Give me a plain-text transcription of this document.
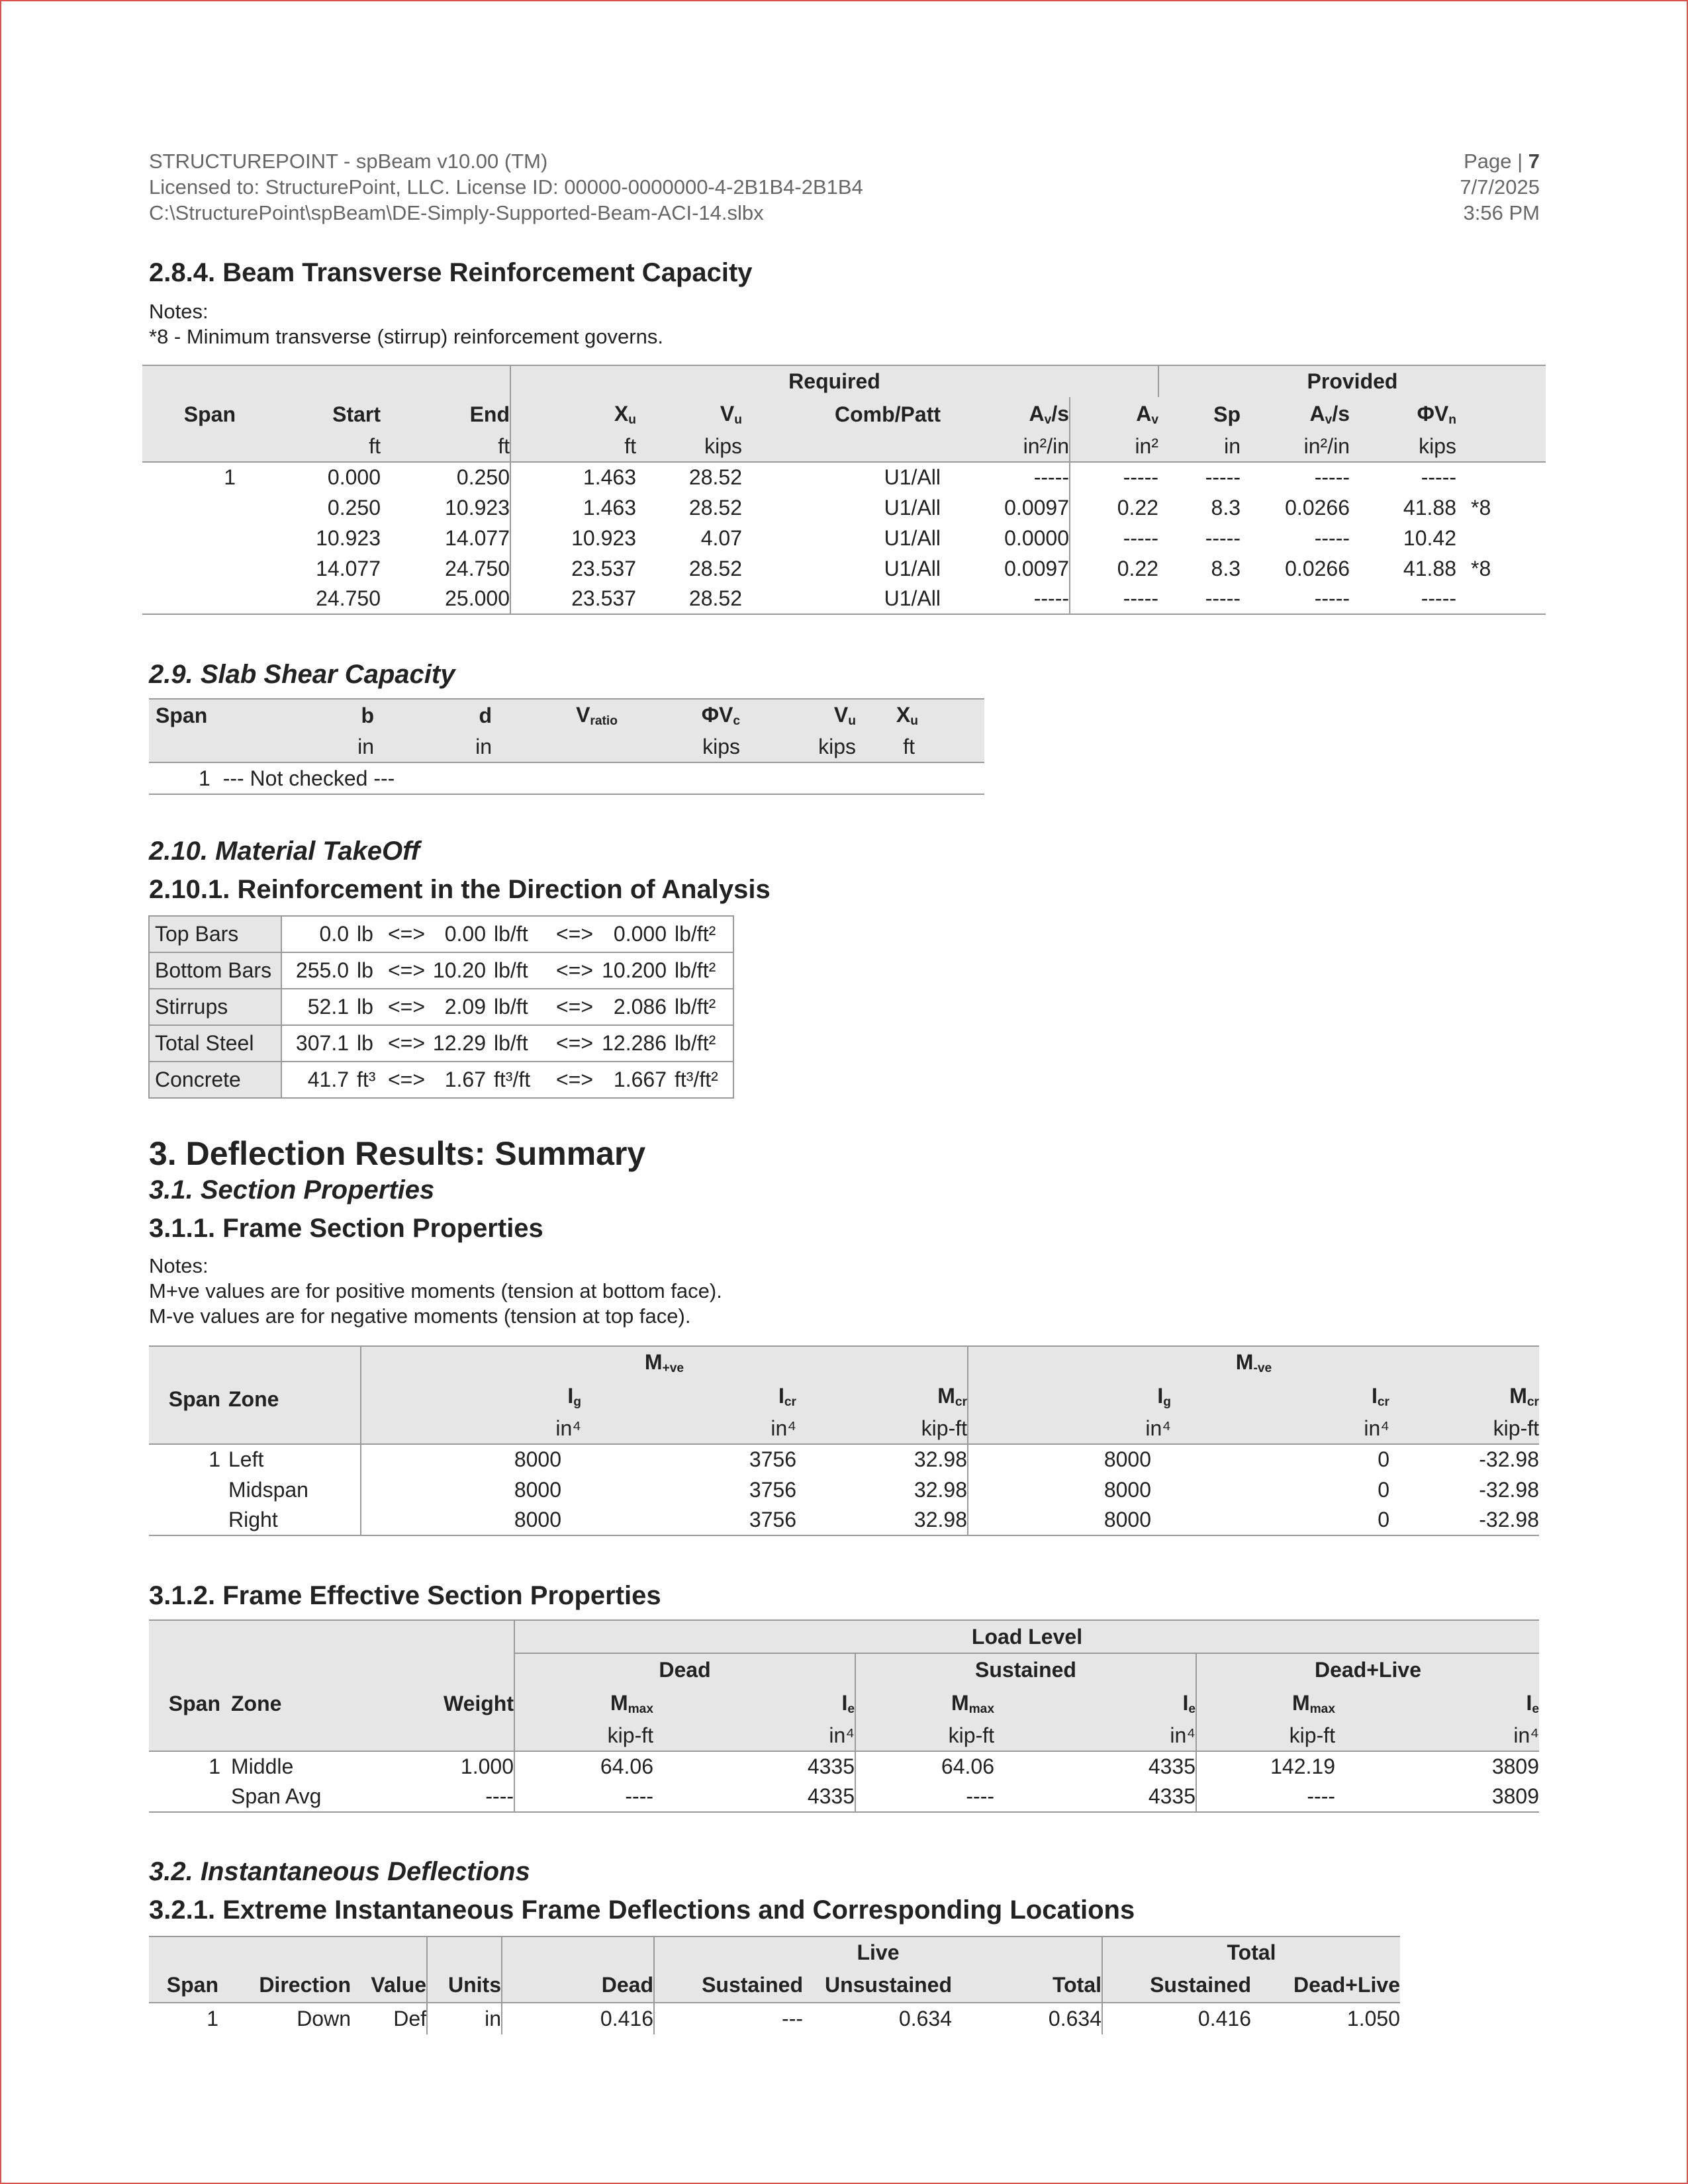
STRUCTUREPOINT - spBeam v10.00 (TM)
Licensed to: StructurePoint, LLC. License ID: 00000-0000000-4-2B1B4-2B1B4
C:\StructurePoint\spBeam\DE-Simply-Supported-Beam-ACI-14.slbx
Page | 7
7/7/2025
3:56 PM
2.8.4. Beam Transverse Reinforcement Capacity
Notes:
*8 - Minimum transverse (stirrup) reinforcement governs.
			Required					Provided			
Span	Start	End	$X_u$	$V_u$	Comb/Patt	$A_v/s$	$A_v$	Sp	$A_v/s$	$\Phi V_n$	
	ft	ft	ft	kips		in²/in	in²	in	in²/in	kips	
1	0.000	0.250	1.463	28.52	U1/All	-----	-----	-----	-----	-----	
	0.250	10.923	1.463	28.52	U1/All	0.0097	0.22	8.3	0.0266	41.88	*8
	10.923	14.077	10.923	4.07	U1/All	0.0000	-----	-----	-----	10.42	
	14.077	24.750	23.537	28.52	U1/All	0.0097	0.22	8.3	0.0266	41.88	*8
	24.750	25.000	23.537	28.52	U1/All	-----	-----	-----	-----	-----	
2.9. Slab Shear Capacity
Span	b	d	$V_{ratio}$	$\Phi V_c$	$V_u$	$X_u$
	in	in		kips	kips	ft
1 --- Not checked ---						
2.10. Material TakeOff
2.10.1. Reinforcement in the Direction of Analysis
Top Bars	0.0	lb	<=>	0.00	lb/ft	<=>	0.000	lb/ft²
Bottom Bars	255.0	lb	<=>	10.20	lb/ft	<=>	10.200	lb/ft²
Stirrups	52.1	lb	<=>	2.09	lb/ft	<=>	2.086	lb/ft²
Total Steel	307.1	lb	<=>	12.29	lb/ft	<=>	12.286	lb/ft²
Concrete	41.7	ft³	<=>	1.67	ft³/ft	<=>	1.667	ft³/ft²
3. Deflection Results: Summary
3.1. Section Properties
3.1.1. Frame Section Properties
Notes:
M+ve values are for positive moments (tension at bottom face).
M-ve values are for negative moments (tension at top face).
		$M_{+ve}$			$M_{-ve}$

Span	Zone	$I_g$	$I_{cr}$	$M_{cr}$	$I_g$	$I_{cr}$	$M_{cr}$
		in⁴	in⁴	kip-ft	in⁴	in⁴	kip-ft
1	Left	8000	3756	32.98	8000	0	-32.98
	Midspan	8000	3756	32.98	8000	0	-32.98
	Right	8000	3756	32.98	8000	0	-32.98
3.1.2. Frame Effective Section Properties
			Load Level					
			Dead		Sustained		Dead+Live	
Span	Zone	Weight	$M_{max}$	$I_e$	$M_{max}$	$I_e$	$M_{max}$	$I_e$
			kip-ft	in⁴	kip-ft	in⁴	kip-ft	in⁴
1	Middle	1.000	64.06	4335	64.06	4335	142.19	3809
	Span Avg	----	----	4335	----	4335	----	3809
3.2. Instantaneous Deflections
3.2.1. Extreme Instantaneous Frame Deflections and Corresponding Locations
					Live			Total	
Span	Direction	Value	Units	Dead	Sustained	Unsustained	Total	Sustained	Dead+Live
1	Down	Def	in	0.416	---	0.634	0.634	0.416	1.050
